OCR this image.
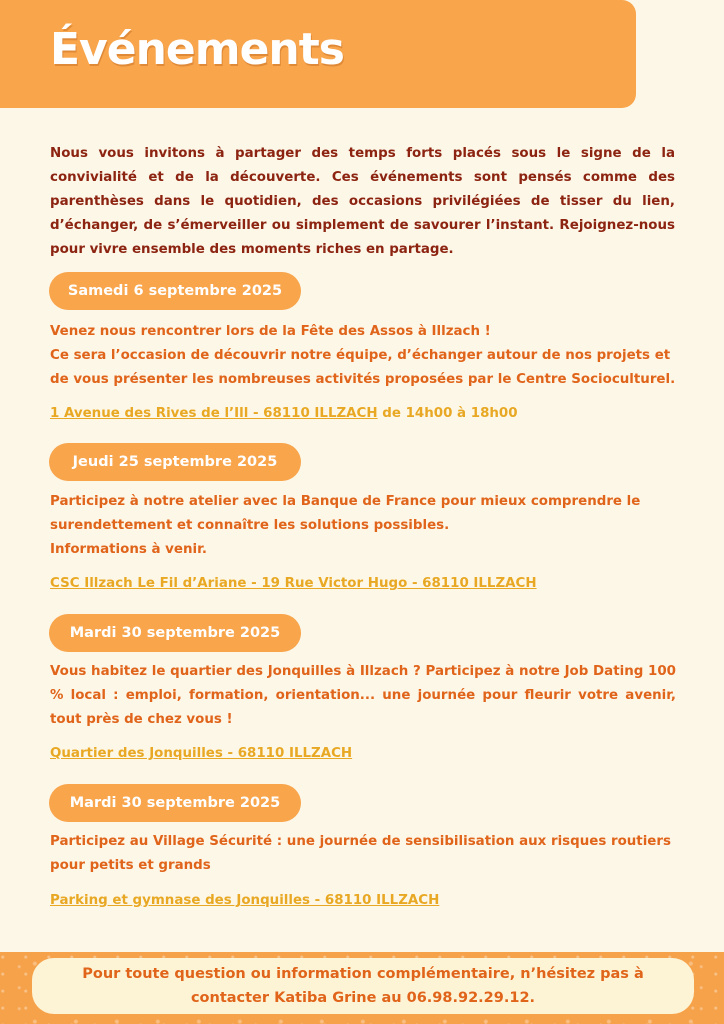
Événements
Nous vous invitons à partager des temps forts placés sous le signe de la convivialité et de la découverte. Ces événements sont pensés comme des parenthèses dans le quotidien, des occasions privilégiées de tisser du lien, d’échanger, de s’émerveiller ou simplement de savourer l’instant. Rejoignez-nous pour vivre ensemble des moments riches en partage.
Samedi 6 septembre 2025
Venez nous rencontrer lors de la Fête des Assos à Illzach !
Ce sera l’occasion de découvrir notre équipe, d’échanger autour de nos projets et de vous présenter les nombreuses activités proposées par le Centre Socioculturel.
1 Avenue des Rives de l’Ill - 68110 ILLZACH de 14h00 à 18h00
Jeudi 25 septembre 2025
Participez à notre atelier avec la Banque de France pour mieux comprendre le surendettement et connaître les solutions possibles.
Informations à venir.
CSC Illzach Le Fil d’Ariane - 19 Rue Victor Hugo - 68110 ILLZACH
Mardi 30 septembre 2025
Vous habitez le quartier des Jonquilles à Illzach ? Participez à notre Job Dating 100 % local : emploi, formation, orientation... une journée pour fleurir votre avenir, tout près de chez vous !
Quartier des Jonquilles - 68110 ILLZACH
Mardi 30 septembre 2025
Participez au Village Sécurité : une journée de sensibilisation aux risques routiers pour petits et grands
Parking et gymnase des Jonquilles - 68110 ILLZACH
Pour toute question ou information complémentaire, n’hésitez pas à
contacter Katiba Grine au 06.98.92.29.12.
